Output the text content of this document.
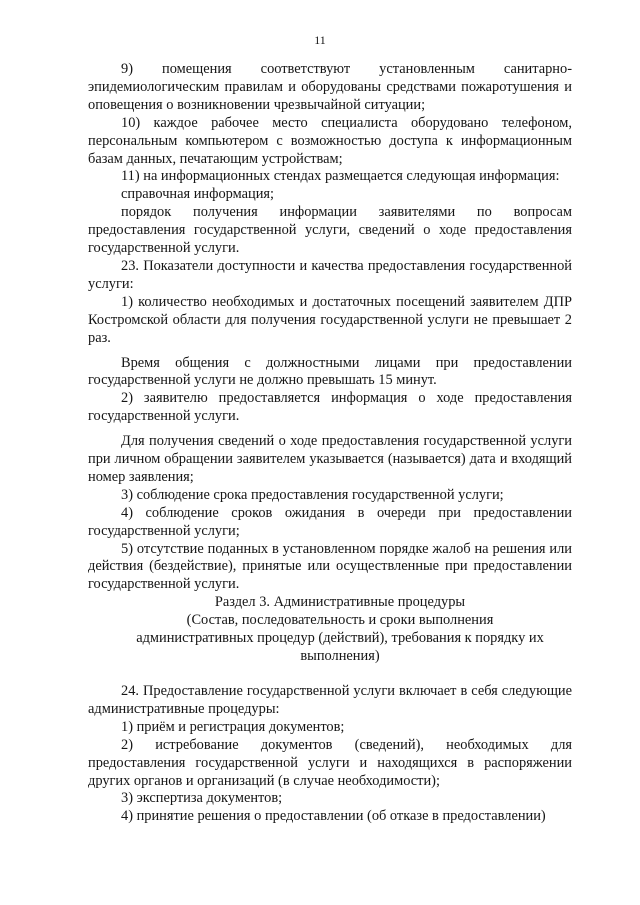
11

9) помещения соответствуют установленным санитарно-эпидемиологическим правилам и оборудованы средствами пожаротушения и оповещения о возникновении чрезвычайной ситуации;

10) каждое рабочее место специалиста оборудовано телефоном, персональным компьютером с возможностью доступа к информационным базам данных, печатающим устройствам;

11) на информационных стендах размещается следующая информация:

справочная информация;

порядок получения информации заявителями по вопросам предоставления государственной услуги, сведений о ходе предоставления государственной услуги.

23. Показатели доступности и качества предоставления государственной услуги:

1) количество необходимых и достаточных посещений заявителем ДПР Костромской области для получения государственной услуги не превышает 2 раз.

Время общения с должностными лицами при предоставлении государственной услуги не должно превышать 15 минут.

2) заявителю предоставляется информация о ходе предоставления государственной услуги.

Для получения сведений о ходе предоставления государственной услуги при личном обращении заявителем указывается (называется) дата и входящий номер заявления;

3) соблюдение срока предоставления государственной услуги;

4) соблюдение сроков ожидания в очереди при предоставлении государственной услуги;

5) отсутствие поданных в установленном порядке жалоб на решения или действия (бездействие), принятые или осуществленные при предоставлении государственной услуги.

Раздел 3. Административные процедуры
(Состав, последовательность и сроки выполнения
административных процедур (действий), требования к порядку их
выполнения)

24. Предоставление государственной услуги включает в себя следующие административные процедуры:

1) приём и регистрация документов;

2) истребование документов (сведений), необходимых для предоставления государственной услуги и находящихся в распоряжении других органов и организаций (в случае необходимости);

3) экспертиза документов;

4) принятие решения о предоставлении (об отказе в предоставлении)
